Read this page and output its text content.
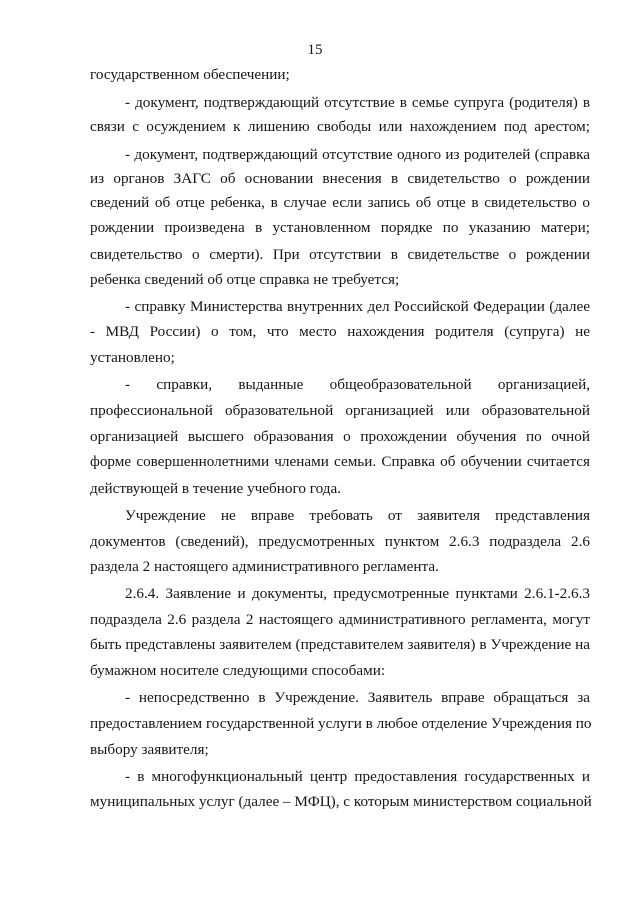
15
государственном обеспечении;
- документ, подтверждающий отсутствие в семье супруга (родителя) в
связи с осуждением к лишению свободы или нахождением под арестом;
- документ, подтверждающий отсутствие одного из родителей (справка
из органов ЗАГС об основании внесения в свидетельство о рождении
сведений об отце ребенка, в случае если запись об отце в свидетельство о
рождении произведена в установленном порядке по указанию матери;
свидетельство о смерти). При отсутствии в свидетельстве о рождении
ребенка сведений об отце справка не требуется;
- справку Министерства внутренних дел Российской Федерации (далее
- МВД России) о том, что место нахождения родителя (супруга) не
установлено;
- справки, выданные общеобразовательной организацией,
профессиональной образовательной организацией или образовательной
организацией высшего образования о прохождении обучения по очной
форме совершеннолетними членами семьи. Справка об обучении считается
действующей в течение учебного года.
Учреждение не вправе требовать от заявителя представления
документов (сведений), предусмотренных пунктом 2.6.3 подраздела 2.6
раздела 2 настоящего административного регламента.
2.6.4. Заявление и документы, предусмотренные пунктами 2.6.1-2.6.3
подраздела 2.6 раздела 2 настоящего административного регламента, могут
быть представлены заявителем (представителем заявителя) в Учреждение на
бумажном носителе следующими способами:
- непосредственно в Учреждение. Заявитель вправе обращаться за
предоставлением государственной услуги в любое отделение Учреждения по
выбору заявителя;
- в многофункциональный центр предоставления государственных и
муниципальных услуг (далее – МФЦ), с которым министерством социальной
